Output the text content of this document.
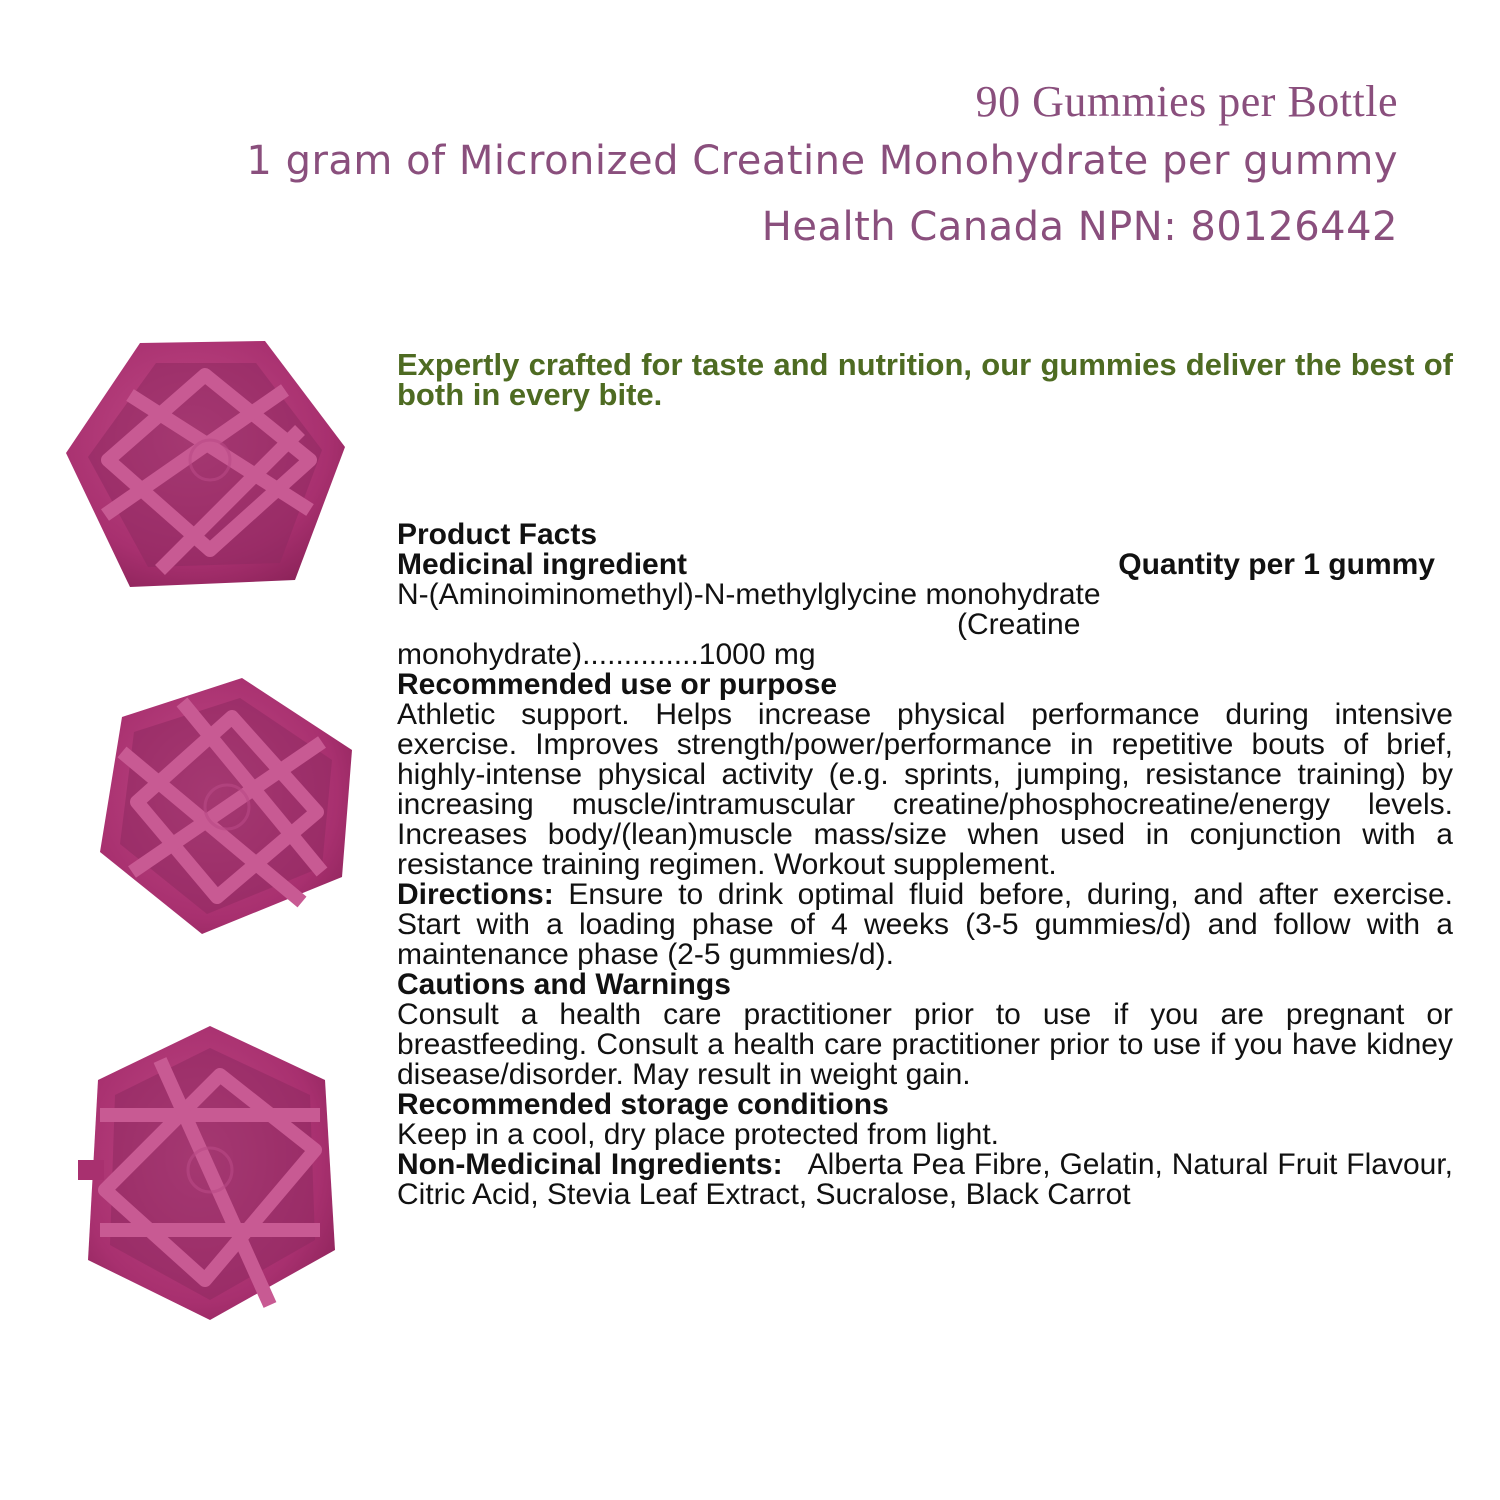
90 Gummies per Bottle
1 gram of Micronized Creatine Monohydrate per gummy
Health Canada NPN: 80126442
Expertly crafted for taste and nutrition, our gummies deliver the best of both in every bite.
Product Facts
Medicinal ingredient	Quantity per 1 gummy
N-(Aminoiminomethyl)-N-methylglycine monohydrate
(Creatine
monohydrate)..............1000 mg
Recommended use or purpose

Athletic support. Helps increase physical performance during intensive exercise. Improves strength/power/performance in repetitive bouts of brief, highly-intense physical activity (e.g. sprints, jumping, resistance training) by increasing muscle/intramuscular creatine/phosphocreatine/energy levels. Increases body/(lean)muscle mass/size when used in conjunction with a resistance training regimen. Workout supplement.

Directions: Ensure to drink optimal fluid before, during, and after exercise. Start with a loading phase of 4 weeks (3-5 gummies/d) and follow with a maintenance phase (2-5 gummies/d).

Cautions and Warnings

Consult a health care practitioner prior to use if you are pregnant or breastfeeding. Consult a health care practitioner prior to use if you have kidney disease/disorder. May result in weight gain.

Recommended storage conditions

Keep in a cool, dry place protected from light.

Non-Medicinal Ingredients:   Alberta Pea Fibre, Gelatin, Natural Fruit Flavour, Citric Acid, Stevia Leaf Extract, Sucralose, Black Carrot
